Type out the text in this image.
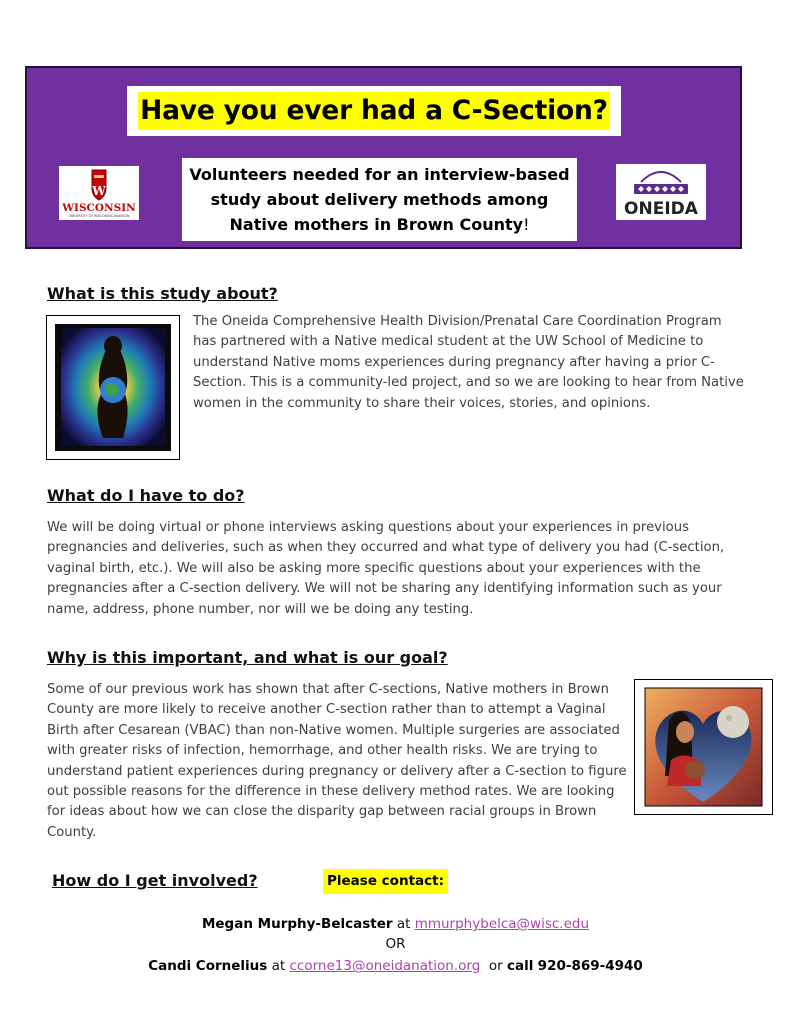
Have you ever had a C-Section?
W
WISCONSIN
UNIVERSITY OF WISCONSIN–MADISON
Volunteers needed for an interview-based study about delivery methods among Native mothers in Brown County!
ONEIDA
What is this study about?

The Oneida Comprehensive Health Division/Prenatal Care Coordination Program has partnered with a Native medical student at the UW School of Medicine to understand Native moms experiences during pregnancy after having a prior C-Section. This is a community-led project, and so we are looking to hear from Native women in the community to share their voices, stories, and opinions.

What do I have to do?

We will be doing virtual or phone interviews asking questions about your experiences in previous pregnancies and deliveries, such as when they occurred and what type of delivery you had (C-section, vaginal birth, etc.). We will also be asking more specific questions about your experiences with the pregnancies after a C-section delivery. We will not be sharing any identifying information such as your name, address, phone number, nor will we be doing any testing.

Why is this important, and what is our goal?

Some of our previous work has shown that after C-sections, Native mothers in Brown County are more likely to receive another C-section rather than to attempt a Vaginal Birth after Cesarean (VBAC) than non-Native women. Multiple surgeries are associated with greater risks of infection, hemorrhage, and other health risks. We are trying to understand patient experiences during pregnancy or delivery after a C-section to figure out possible reasons for the difference in these delivery method rates. We are looking for ideas about how we can close the disparity gap between racial groups in Brown County.

How do I get involved?	Please contact:

Megan Murphy-Belcaster at mmurphybelca@wisc.edu

OR

Candi Cornelius at ccorne13@oneidanation.org or call 920-869-4940
